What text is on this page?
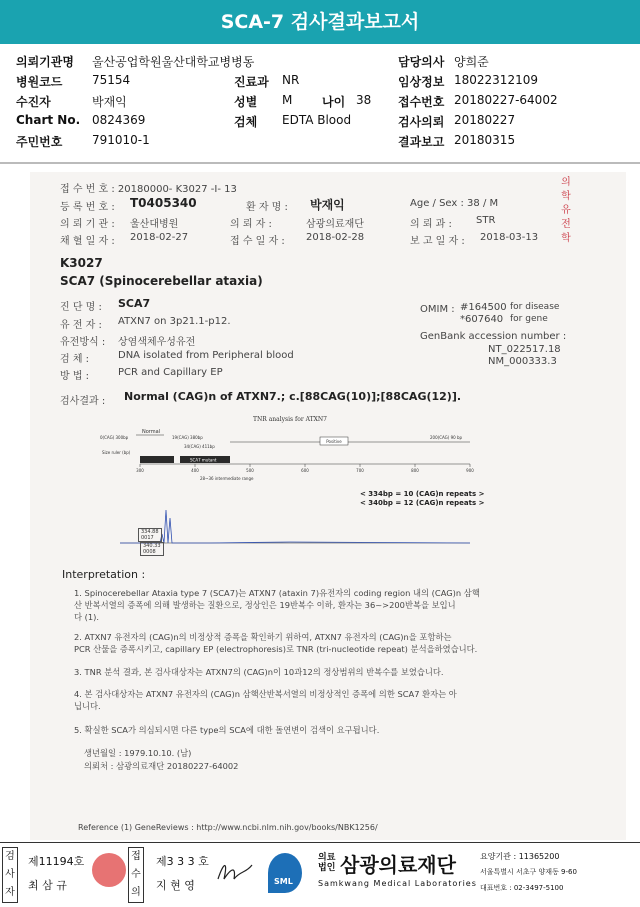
SCA-7 검사결과보고서
의뢰기관명 울산공업학원울산대학교병병동	담당의사 양희준
병원코드 75154	진료과 NR	임상정보 18022312109
수진자	박재익	성별 M 나이 38 접수번호 20180227-64002
Chart No. 0824369	검체 EDTA Blood	검사의뢰 20180227
주민번호 791010-1	결과보고 20180315
접 수 번 호 : 20180000- K3027 -I- 13
등 록 번 호 : T0405340	환 자 명 : 박재익	Age / Sex : 38 / M
의 뢰 기 관 : 울산대병원	의 뢰 자 :	삼광의료재단	의 뢰 과 : STR
채 혈 일 자 : 2018-02-27	접 수 일 자 : 2018-02-28	보 고 일 자 : 2018-03-13
의
학
유
전
학
K3027
SCA7 (Spinocerebellar ataxia)
진 단 명 : SCA7
유 전 자 : ATXN7 on 3p21.1-p12.
유전방식 : 상염색체우성유전
검 체 :	DNA isolated from Peripheral blood
방 법 :	PCR and Capillary EP
OMIM : #164500 for disease
*607640 for gene
GenBank accession number :
NT_022517.18
NM_000333.3
검사결과 : Normal (CAG)n of ATXN7.; c.[88CAG(10)];[88CAG(12)].
TNR analysis for ATXN7
Normal
0(CAG) 300bp	19(CAG) 380bp
34(CAG) 411bp
200(CAG) 90 bp
Positive
Size ruler (bp)
SCA7 mutant
300	400	500	600	700	800	900
28~36 intermediate range
< 334bp = 10 (CAG)n repeats >
< 340bp = 12 (CAG)n repeats >
334.88
0017
340.33
0008
Interpretation :
1. Spinocerebellar Ataxia type 7 (SCA7)는 ATXN7 (ataxin 7)유전자의 coding region 내의 (CAG)n 삼핵
산 반복서열의 증폭에 의해 발생하는 질환으로, 정상인은 19반복수 이하, 환자는 36~>200반복을 보입니
다 (1).
2. ATXN7 유전자의 (CAG)n의 비정상적 증폭을 확인하기 위하여, ATXN7 유전자의 (CAG)n을 포함하는
PCR 산물을 증폭시키고, capillary EP (electrophoresis)로 TNR (tri-nucleotide repeat) 분석을하였습니다.
3. TNR 분석 결과, 본 검사대상자는 ATXN7의 (CAG)n이 10과12의 정상범위의 반복수를 보였습니다.
4. 본 검사대상자는 ATXN7 유전자의 (CAG)n 삼핵산반복서열의 비정상적인 증폭에 의한 SCA7 환자는 아
닙니다.
5. 확실한 SCA가 의심되시면 다른 type의 SCA에 대한 돌연변이 검색이 요구됩니다.
생년월일 : 1979.10.10. (남)
의뢰처 : 삼광의료재단 20180227-64002
Reference (1) GeneReviews : http://www.ncbi.nlm.nih.gov/books/NBK1256/
검사자
제11194호
최 삼 규
접수의
제3 3 3 호
지 현 영	SML
의료법인 삼광의료재단
Samkwang Medical Laboratories
요양기관 : 11365200
서울특별시 서초구 양재동 9-60
대표번호 : 02-3497-5100
